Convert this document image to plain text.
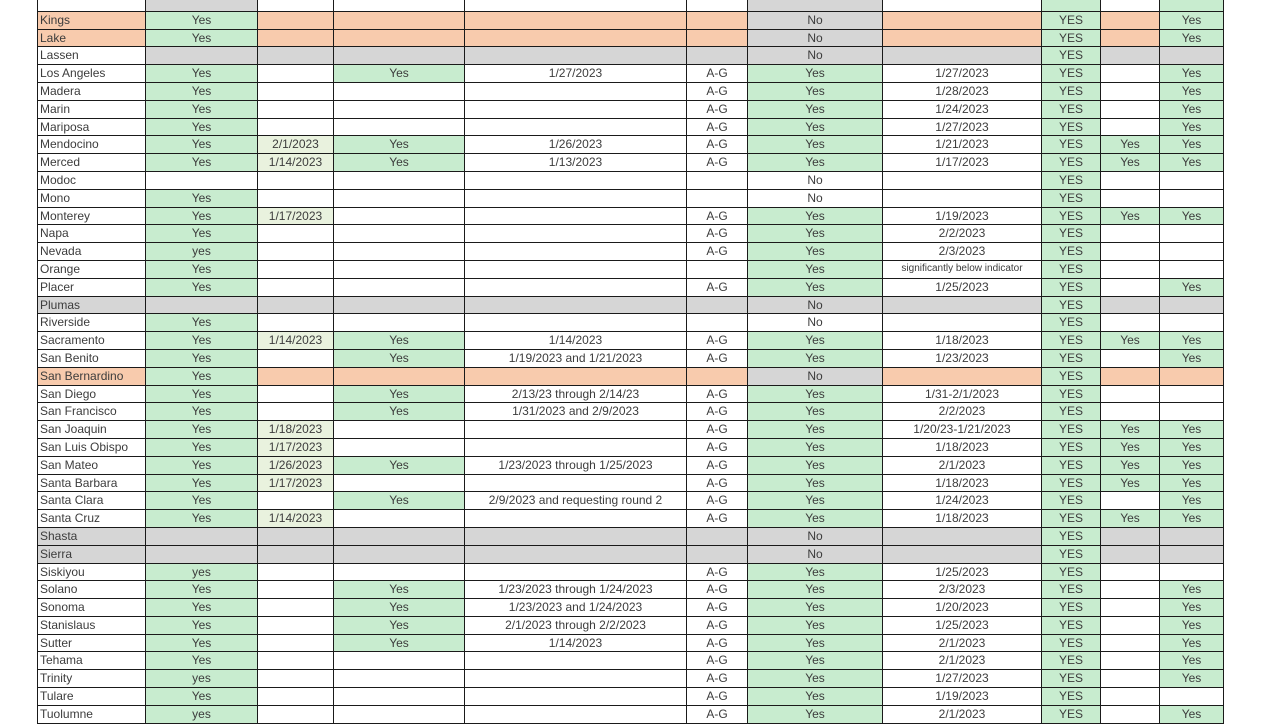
Kings	Yes					No		YES		Yes
Lake	Yes					No		YES		Yes
Lassen						No		YES		
Los Angeles	Yes		Yes	1/27/2023	A-G	Yes	1/27/2023	YES		Yes
Madera	Yes				A-G	Yes	1/28/2023	YES		Yes
Marin	Yes				A-G	Yes	1/24/2023	YES		Yes
Mariposa	Yes				A-G	Yes	1/27/2023	YES		Yes
Mendocino	Yes	2/1/2023	Yes	1/26/2023	A-G	Yes	1/21/2023	YES	Yes	Yes
Merced	Yes	1/14/2023	Yes	1/13/2023	A-G	Yes	1/17/2023	YES	Yes	Yes
Modoc						No		YES		
Mono	Yes					No		YES		
Monterey	Yes	1/17/2023			A-G	Yes	1/19/2023	YES	Yes	Yes
Napa	Yes				A-G	Yes	2/2/2023	YES		
Nevada	yes				A-G	Yes	2/3/2023	YES		
Orange	Yes					Yes	significantly below indicator	YES		
Placer	Yes				A-G	Yes	1/25/2023	YES		Yes
Plumas						No		YES		
Riverside	Yes					No		YES		
Sacramento	Yes	1/14/2023	Yes	1/14/2023	A-G	Yes	1/18/2023	YES	Yes	Yes
San Benito	Yes		Yes	1/19/2023 and 1/21/2023	A-G	Yes	1/23/2023	YES		Yes
San Bernardino	Yes					No		YES		
San Diego	Yes		Yes	2/13/23 through 2/14/23	A-G	Yes	1/31-2/1/2023	YES		
San Francisco	Yes		Yes	1/31/2023 and 2/9/2023	A-G	Yes	2/2/2023	YES		
San Joaquin	Yes	1/18/2023			A-G	Yes	1/20/23-1/21/2023	YES	Yes	Yes
San Luis Obispo	Yes	1/17/2023			A-G	Yes	1/18/2023	YES	Yes	Yes
San Mateo	Yes	1/26/2023	Yes	1/23/2023 through 1/25/2023	A-G	Yes	2/1/2023	YES	Yes	Yes
Santa Barbara	Yes	1/17/2023			A-G	Yes	1/18/2023	YES	Yes	Yes
Santa Clara	Yes		Yes	2/9/2023 and requesting round 2	A-G	Yes	1/24/2023	YES		Yes
Santa Cruz	Yes	1/14/2023			A-G	Yes	1/18/2023	YES	Yes	Yes
Shasta						No		YES		
Sierra						No		YES		
Siskiyou	yes				A-G	Yes	1/25/2023	YES		
Solano	Yes		Yes	1/23/2023 through 1/24/2023	A-G	Yes	2/3/2023	YES		Yes
Sonoma	Yes		Yes	1/23/2023 and 1/24/2023	A-G	Yes	1/20/2023	YES		Yes
Stanislaus	Yes		Yes	2/1/2023 through 2/2/2023	A-G	Yes	1/25/2023	YES		Yes
Sutter	Yes		Yes	1/14/2023	A-G	Yes	2/1/2023	YES		Yes
Tehama	Yes				A-G	Yes	2/1/2023	YES		Yes
Trinity	yes				A-G	Yes	1/27/2023	YES		Yes
Tulare	Yes				A-G	Yes	1/19/2023	YES		
Tuolumne	yes				A-G	Yes	2/1/2023	YES		Yes
